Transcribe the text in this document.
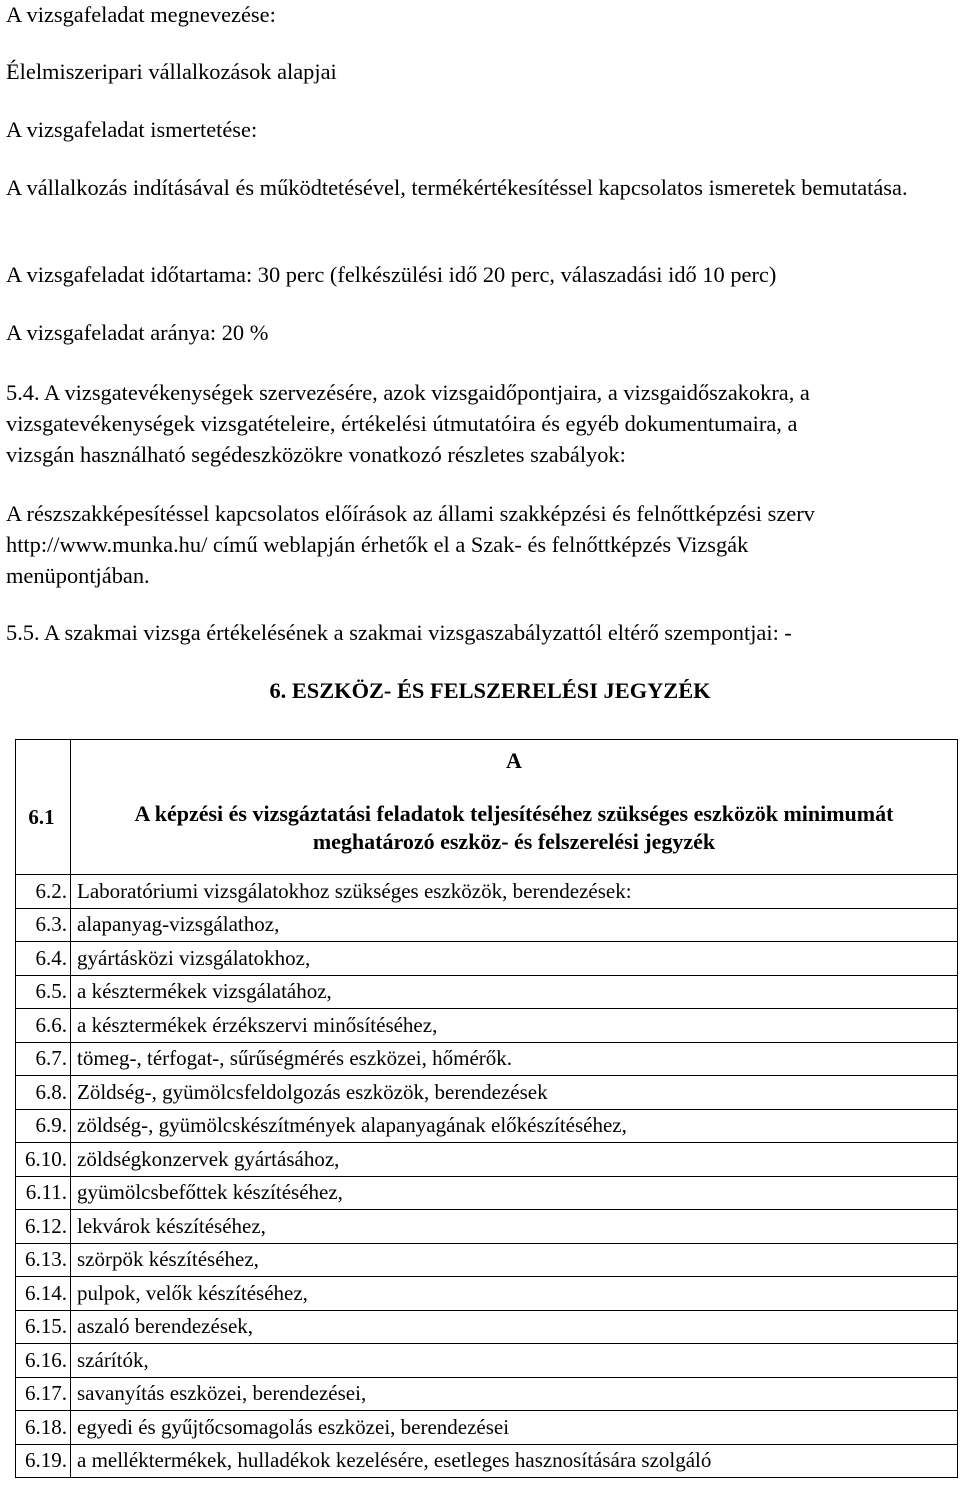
A vizsgafeladat megnevezése:

Élelmiszeripari vállalkozások alapjai

A vizsgafeladat ismertetése:

A vállalkozás indításával és működtetésével, termékértékesítéssel kapcsolatos ismeretek bemutatása.

A vizsgafeladat időtartama: 30 perc (felkészülési idő 20 perc, válaszadási idő 10 perc)

A vizsgafeladat aránya: 20 %

5.4. A vizsgatevékenységek szervezésére, azok vizsgaidőpontjaira, a vizsgaidőszakokra, a

vizsgatevékenységek vizsgatételeire, értékelési útmutatóira és egyéb dokumentumaira, a

vizsgán használható segédeszközökre vonatkozó részletes szabályok:

A részszakképesítéssel kapcsolatos előírások az állami szakképzési és felnőttképzési szerv

http://www.munka.hu/ című weblapján érhetők el a Szak- és felnőttképzés Vizsgák

menüpontjában.

5.5. A szakmai vizsga értékelésének a szakmai vizsgaszabályzattól eltérő szempontjai: -

6. ESZKÖZ- ÉS FELSZERELÉSI JEGYZÉK
6.1	A
	A képzési és vizsgáztatási feladatok teljesítéséhez szükséges eszközök minimumát meghatározó eszköz- és felszerelési jegyzék
6.2.	Laboratóriumi vizsgálatokhoz szükséges eszközök, berendezések:
6.3.	alapanyag-vizsgálathoz,
6.4.	gyártásközi vizsgálatokhoz,
6.5.	a késztermékek vizsgálatához,
6.6.	a késztermékek érzékszervi minősítéséhez,
6.7.	tömeg-, térfogat-, sűrűségmérés eszközei, hőmérők.
6.8.	Zöldség-, gyümölcsfeldolgozás eszközök, berendezések
6.9.	zöldség-, gyümölcskészítmények alapanyagának előkészítéséhez,
6.10.	zöldségkonzervek gyártásához,
6.11.	gyümölcsbefőttek készítéséhez,
6.12.	lekvárok készítéséhez,
6.13.	szörpök készítéséhez,
6.14.	pulpok, velők készítéséhez,
6.15.	aszaló berendezések,
6.16.	szárítók,
6.17.	savanyítás eszközei, berendezései,
6.18.	egyedi és gyűjtőcsomagolás eszközei, berendezései
6.19.	a melléktermékek, hulladékok kezelésére, esetleges hasznosítására szolgáló
